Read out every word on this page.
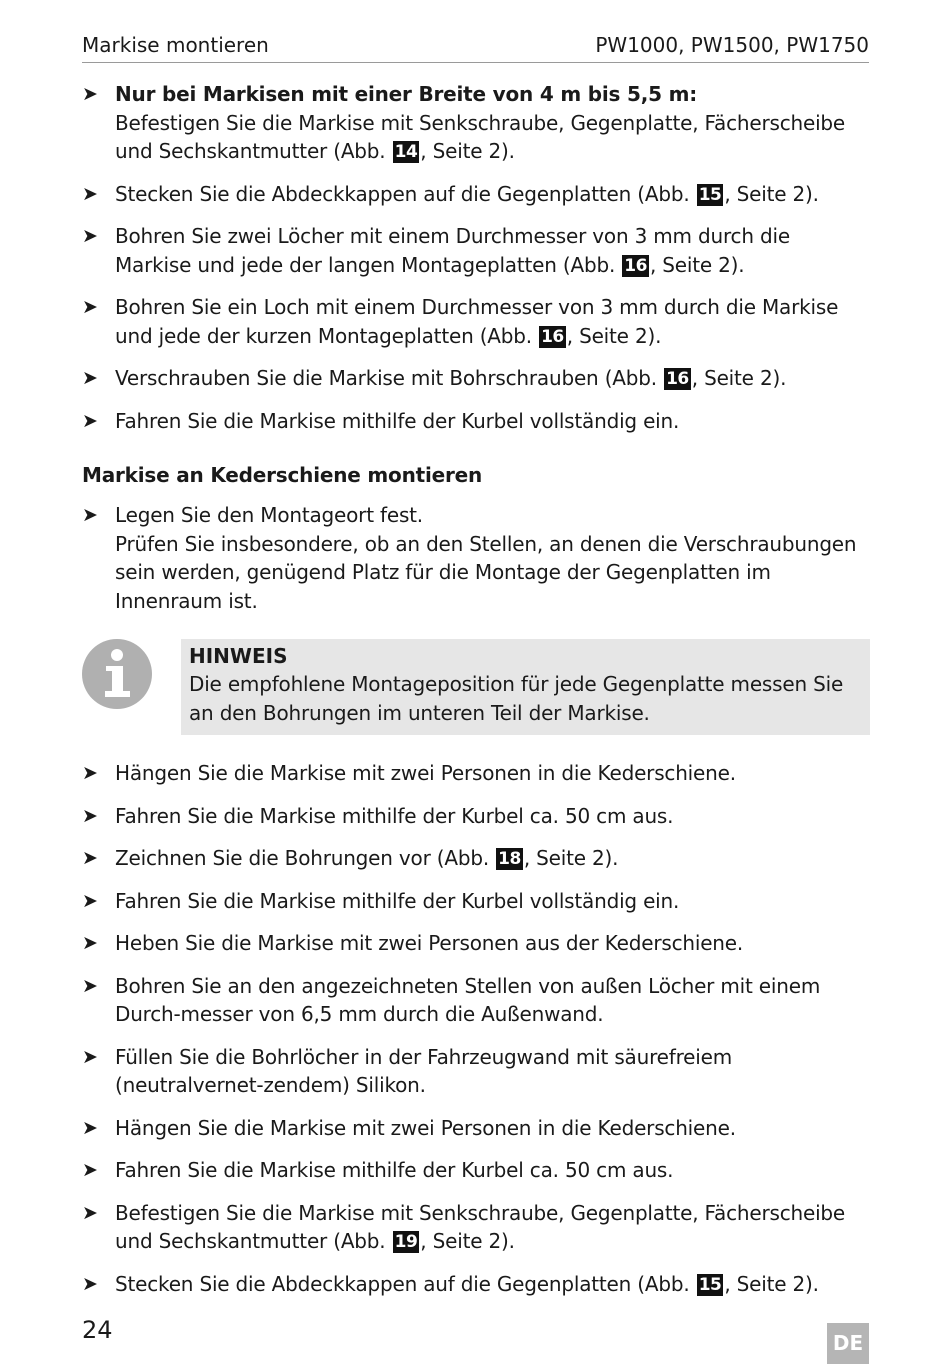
Markise montieren	PW1000, PW1500, PW1750
➤ Nur bei Markisen mit einer Breite von 4 m bis 5,5 m:
Befestigen Sie die Markise mit Senkschraube, Gegenplatte, Fächerscheibe und Sechskantmutter (Abb. 14 , Seite 2).
➤ Stecken Sie die Abdeckkappen auf die Gegenplatten (Abb. 15 , Seite 2).
➤ Bohren Sie zwei Löcher mit einem Durchmesser von 3 mm durch die Markise und jede der langen Montageplatten (Abb. 16 , Seite 2).
➤ Bohren Sie ein Loch mit einem Durchmesser von 3 mm durch die Markise und jede der kurzen Montageplatten (Abb. 16 , Seite 2).
➤ Verschrauben Sie die Markise mit Bohrschrauben (Abb. 16 , Seite 2).
➤ Fahren Sie die Markise mithilfe der Kurbel vollständig ein.
Markise an Kederschiene montieren
➤ Legen Sie den Montageort fest.
Prüfen Sie insbesondere, ob an den Stellen, an denen die Verschraubungen sein werden, genügend Platz für die Montage der Gegenplatten im Innenraum ist.
HINWEIS
Die empfohlene Montageposition für jede Gegenplatte messen Sie an den Bohrungen im unteren Teil der Markise.
➤ Hängen Sie die Markise mit zwei Personen in die Kederschiene.
➤ Fahren Sie die Markise mithilfe der Kurbel ca. 50 cm aus.
➤ Zeichnen Sie die Bohrungen vor (Abb. 18 , Seite 2).
➤ Fahren Sie die Markise mithilfe der Kurbel vollständig ein.
➤ Heben Sie die Markise mit zwei Personen aus der Kederschiene.
➤ Bohren Sie an den angezeichneten Stellen von außen Löcher mit einem Durch-messer von 6,5 mm durch die Außenwand.
➤ Füllen Sie die Bohrlöcher in der Fahrzeugwand mit säurefreiem (neutralvernet-zendem) Silikon.
➤ Hängen Sie die Markise mit zwei Personen in die Kederschiene.
➤ Fahren Sie die Markise mithilfe der Kurbel ca. 50 cm aus.
➤ Befestigen Sie die Markise mit Senkschraube, Gegenplatte, Fächerscheibe und Sechskantmutter (Abb. 19 , Seite 2).
➤ Stecken Sie die Abdeckkappen auf die Gegenplatten (Abb. 15 , Seite 2).
24	DE
